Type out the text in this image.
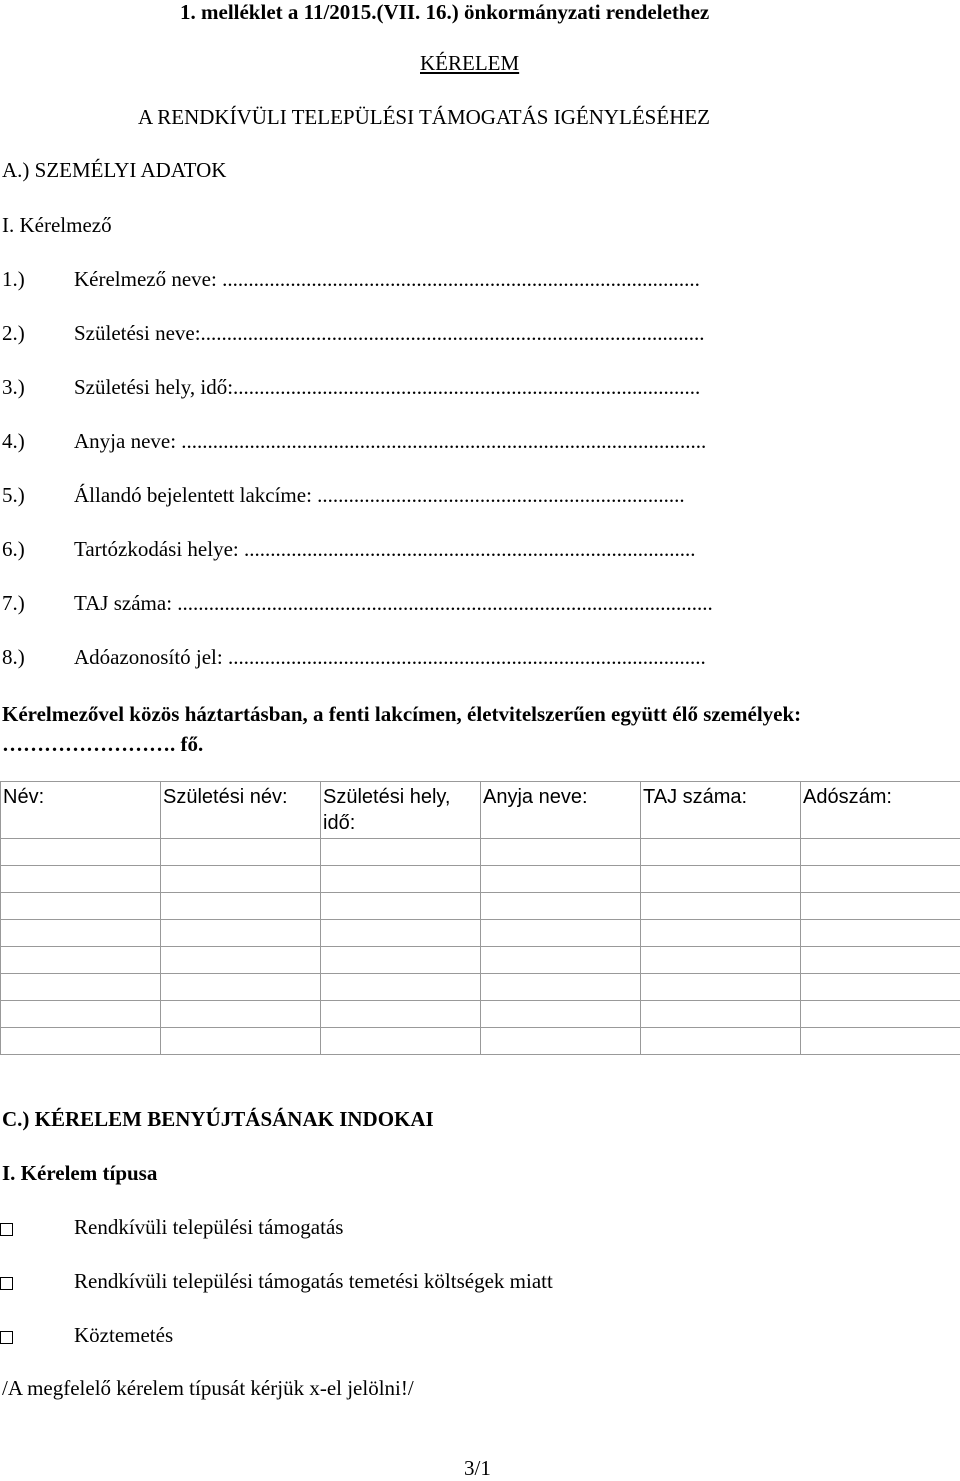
1. melléklet a 11/2015.(VII. 16.) önkormányzati rendelethez
KÉRELEM
A RENDKÍVÜLI TELEPÜLÉSI TÁMOGATÁS IGÉNYLÉSÉHEZ
A.) SZEMÉLYI ADATOK
I. Kérelmező
1.) Kérelmező neve: ...........................................................................................
2.) Születési neve:................................................................................................
3.) Születési hely, idő:.........................................................................................
4.) Anyja neve: ....................................................................................................
5.) Állandó bejelentett lakcíme: ......................................................................
6.) Tartózkodási helye: ......................................................................................
7.) TAJ száma: ......................................................................................................
8.) Adóazonosító jel: ...........................................................................................
Kérelmezővel közös háztartásban, a fenti lakcímen, életvitelszerűen együtt élő személyek:
……………………. fő.
Név:	Születési név:	Születési hely, idő:	Anyja neve:	TAJ száma:	Adószám:

C.) KÉRELEM BENYÚJTÁSÁNAK INDOKAI
I. Kérelem típusa
Rendkívüli települési támogatás
Rendkívüli települési támogatás temetési költségek miatt
Köztemetés
/A megfelelő kérelem típusát kérjük x-el jelölni!/
3/1
